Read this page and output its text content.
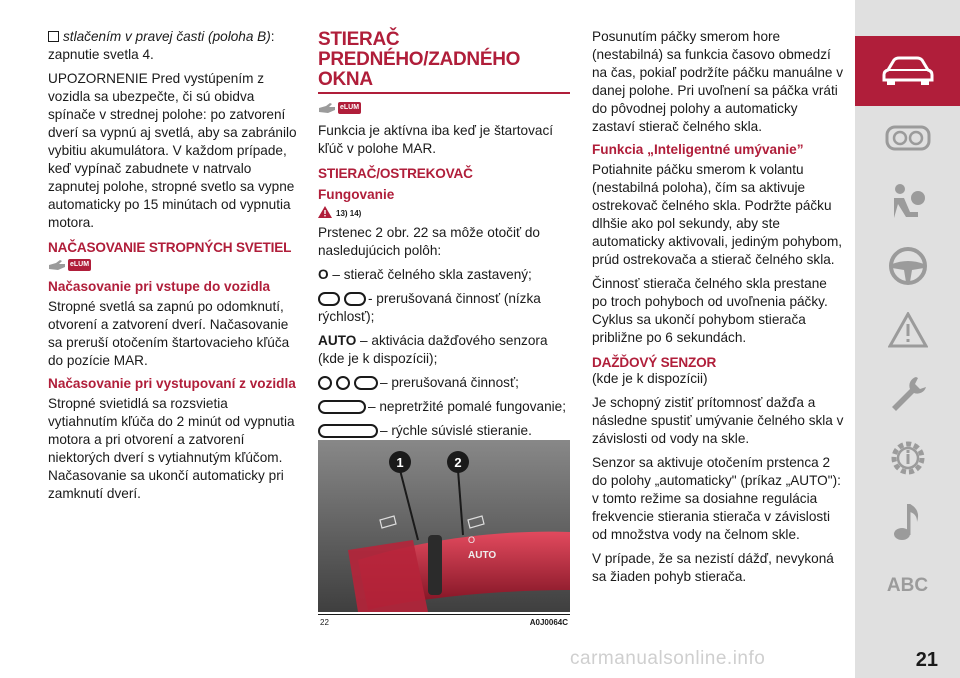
stlačením v pravej časti (poloha B): zapnutie svetla 4.

UPOZORNENIE Pred vystúpením z vozidla sa ubezpečte, či sú obidva spínače v strednej polohe: po zatvorení dverí sa vypnú aj svetlá, aby sa zabránilo vybitiu akumulátora. V každom prípade, keď vypínač zabudnete v natrvalo zapnutej polohe, stropné svetlo sa vypne automaticky po 15 minútach od vypnutia motora.

NAČASOVANIE STROPNÝCH SVETIEL
eLUM
Načasovanie pri vstupe do vozidla

Stropné svetlá sa zapnú po odomknutí, otvorení a zatvorení dverí. Načasovanie sa preruší otočením štartovacieho kľúča do pozície MAR.

Načasovanie pri vystupovaní z vozidla

Stropné svietidlá sa rozsvietia vytiahnutím kľúča do 2 minút od vypnutia motora a pri otvorení a zatvorení niektorých dverí s vytiahnutým kľúčom. Načasovanie sa ukončí automaticky pri zamknutí dverí.

STIERAČ PREDNÉHO/ZADNÉHO OKNA
eLUM

Funkcia je aktívna iba keď je štartovací kľúč v polohe MAR.

STIERAČ/OSTREKOVAČ
Fungovanie
13) 14)

Prstenec 2 obr. 22 sa môže otočiť do nasledujúcich polôh:

O – stierač čelného skla zastavený;

- prerušovaná činnosť (nízka rýchlosť);

AUTO – aktivácia dažďového senzora (kde je k dispozícii);

– prerušovaná činnosť;

– nepretržité pomalé fungovanie;

– rýchle súvislé stieranie.

1	2
O
AUTO
22	A0J0064C

Posunutím páčky smerom hore (nestabilná) sa funkcia časovo obmedzí na čas, pokiaľ podržíte páčku manuálne v danej polohe. Pri uvoľnení sa páčka vráti do pôvodnej polohy a automaticky zastaví stierač čelného skla.

Funkcia „Inteligentné umývanie”

Potiahnite páčku smerom k volantu (nestabilná poloha), čím sa aktivuje ostrekovač čelného skla. Podržte páčku dlhšie ako pol sekundy, aby ste automaticky aktivovali, jediným pohybom, prúd ostrekovača a stierač čelného skla.

Činnosť stierača čelného skla prestane po troch pohyboch od uvoľnenia páčky. Cyklus sa ukončí pohybom stierača približne po 6 sekundách.

DAŽĎOVÝ SENZOR

(kde je k dispozícii)

Je schopný zistiť prítomnosť dažďa a následne spustiť umývanie čelného skla v závislosti od vody na skle.

Senzor sa aktivuje otočením prstenca 2 do polohy „automaticky" (príkaz „AUTO"): v tomto režime sa dosiahne regulácia frekvencie stierania stierača v závislosti od množstva vody na čelnom skle.

V prípade, že sa nezistí dážď, nevykoná sa žiaden pohyb stierača.	ABC
carmanualsonline.info	21
